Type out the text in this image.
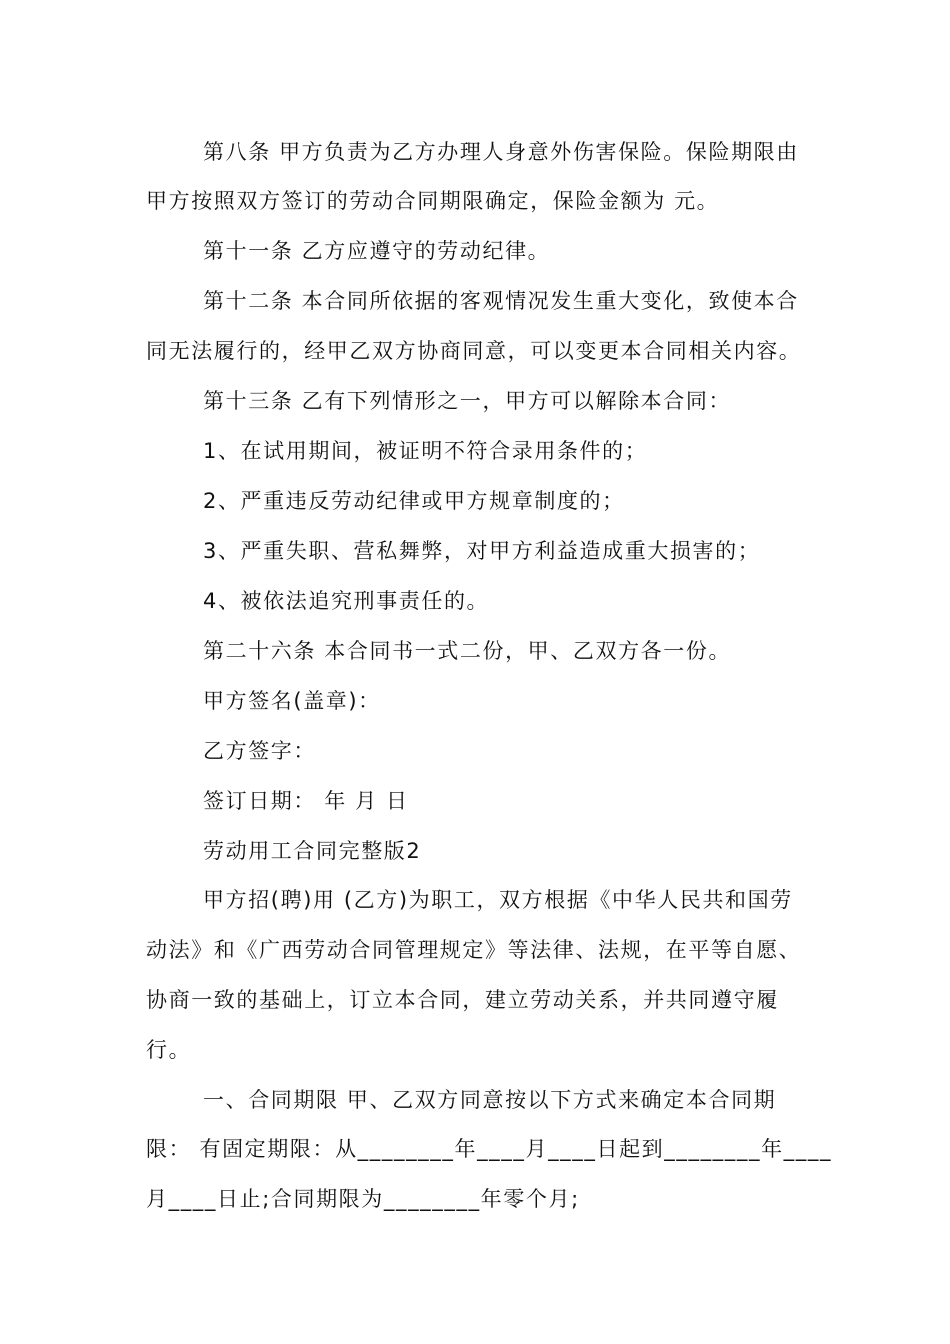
第八条 甲方负责为乙方办理人身意外伤害保险。保险期限由
甲方按照双方签订的劳动合同期限确定，保险金额为 元。
第十一条 乙方应遵守的劳动纪律。
第十二条 本合同所依据的客观情况发生重大变化，致使本合
同无法履行的，经甲乙双方协商同意，可以变更本合同相关内容。
第十三条 乙有下列情形之一，甲方可以解除本合同：
1、在试用期间，被证明不符合录用条件的；
2、严重违反劳动纪律或甲方规章制度的；
3、严重失职、营私舞弊，对甲方利益造成重大损害的；
4、被依法追究刑事责任的。
第二十六条 本合同书一式二份，甲、乙双方各一份。
甲方签名(盖章)：
乙方签字：
签订日期： 年 月 日
劳动用工合同完整版2
甲方招(聘)用 (乙方)为职工，双方根据《中华人民共和国劳
动法》和《广西劳动合同管理规定》等法律、法规，在平等自愿、
协商一致的基础上，订立本合同，建立劳动关系，并共同遵守履
行。
一、合同期限 甲、乙双方同意按以下方式来确定本合同期
限： 有固定期限：从________年____月____日起到________年____
月____日止;合同期限为________年零个月;
